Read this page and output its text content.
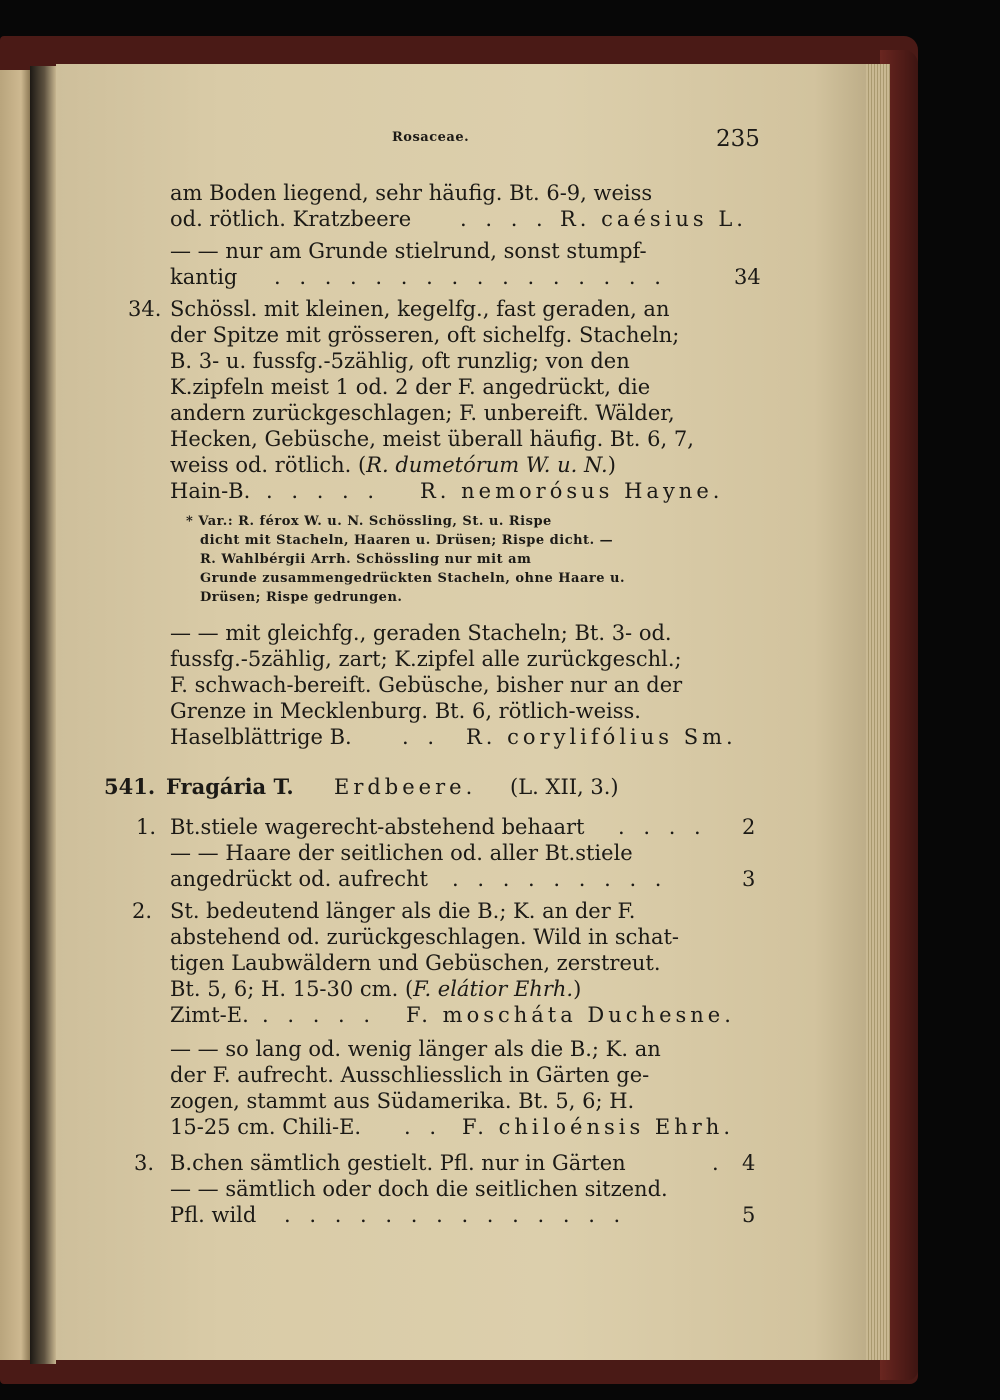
Rosaceae.	235
am Boden liegend, sehr häufig. Bt. 6-9, weiss
od. rötlich. Kratzbeere . . . . R. caésius L.
— — nur am Grunde stielrund, sonst stumpf-
kantig . . . . . . . . . . . . . . . .	34
34. Schössl. mit kleinen, kegelfg., fast geraden, an
der Spitze mit grösseren, oft sichelfg. Stacheln;
B. 3- u. fussfg.-5zählig, oft runzlig; von den
K.zipfeln meist 1 od. 2 der F. angedrückt, die
andern zurückgeschlagen; F. unbereift. Wälder,
Hecken, Gebüsche, meist überall häufig. Bt. 6, 7,
weiss od. rötlich. (R. dumetórum W. u. N.)
Hain-B. . . . . . R. nemorósus Hayne.
* Var.: R. férox W. u. N. Schössling, St. u. Rispe
dicht mit Stacheln, Haaren u. Drüsen; Rispe dicht. —
R. Wahlbérgii Arrh. Schössling nur mit am
Grunde zusammengedrückten Stacheln, ohne Haare u.
Drüsen; Rispe gedrungen.
— — mit gleichfg., geraden Stacheln; Bt. 3- od.
fussfg.-5zählig, zart; K.zipfel alle zurückgeschl.;
F. schwach-bereift. Gebüsche, bisher nur an der
Grenze in Mecklenburg. Bt. 6, rötlich-weiss.
Haselblättrige B. . . R. corylifólius Sm.
541. Fragária T. Erdbeere. (L. XII, 3.)
1. Bt.stiele wagerecht-abstehend behaart . . . . 2
— — Haare der seitlichen od. aller Bt.stiele
angedrückt od. aufrecht . . . . . . . . .	3
2. St. bedeutend länger als die B.; K. an der F.
abstehend od. zurückgeschlagen. Wild in schat-
tigen Laubwäldern und Gebüschen, zerstreut.
Bt. 5, 6; H. 15-30 cm. (F. elátior Ehrh.)
Zimt-E. . . . . . F. moscháta Duchesne.
— — so lang od. wenig länger als die B.; K. an
der F. aufrecht. Ausschliesslich in Gärten ge-
zogen, stammt aus Südamerika. Bt. 5, 6; H.
15-25 cm. Chili-E. . . F. chiloénsis Ehrh.
3. B.chen sämtlich gestielt. Pfl. nur in Gärten	. 4
— — sämtlich oder doch die seitlichen sitzend.
Pfl. wild . . . . . . . . . . . . . .	5
